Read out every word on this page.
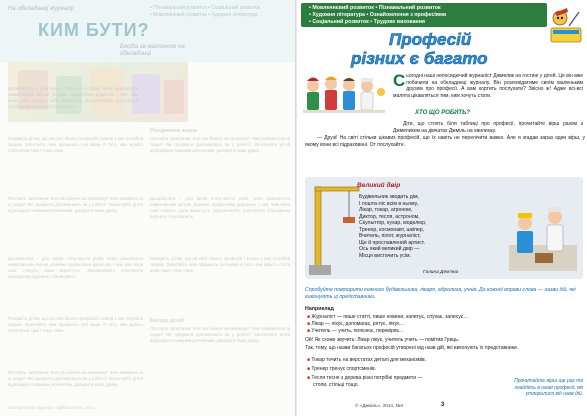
• Мовленнєвий розвиток • Пізнавальний розвиток
• Художня література • Ознайомлення з професіями
• Соціальний розвиток • Трудове виховання
Професій
різних є багато
Сьогодні наші непосидючий журналіст Джмелик на гостині у дітей. Це він вже побачили на обкладинці журналу. Він розповідатиме своїм маленьким друзям про професії. А вам кортить послухати? Звісно ж! Адже всі-всі малята цікавляться тим, ким хочуть стати.
ХТО ЩО РОБИТЬ?
Діти, що стоять біля таблиці про професії, прочитайте вірш разом з Джмеликом на дівчатах Джміль на хвилинку.
— Друзі! На світі стільки цікавих професій, що їх навіть не перелічити важко. Але я згадав зараз один вірш, у якому вони всі підраховані. От послухайте.
Великий двір
Будівельник зводить дім,
І пошта-ліс всім в ньому,
Лікар, токар, агроном,
Диктор, тесля, астроном,
Скульптор, кухар, моделюр,
Тренер, космонавт, шкіпер,
Вчитель, пілот, журналіст,
Ще й прославлений артист.
Ось який великий двір —
Місця вистачить усім.
Галина Дем’яна
Спробуйте повторити кожного будівельника, лікаря, гідролога, учнів. До кожної вправи слова — назви дій, які виконують ці представники.
Наприклад
■ Журналіст — пише статті, пише новини, запитує, слухає, записує…
■ Лікар — лікує, допомагає, рятує, лікує…
■ Учитель — учить, пояснює, перевіряє…
Ой! Як схоже звучить: Лікар лікує, учитель учить — помітив Гриць.
Так, тому, що назви багатьох професій утворені від назв дій, які виконують їх представники.
■ Токар точить на верстатах деталі для механізмів.
■ Тренер тренує спортсменів.
■ Тесля тесне з дерева різні потрібні предмети —
столи, стільці тощо.
Прочитайте вірш ще раз та знайдіть в назві професії, які утворилися від назв дій.
© «Джміль», 2014, №4	3
